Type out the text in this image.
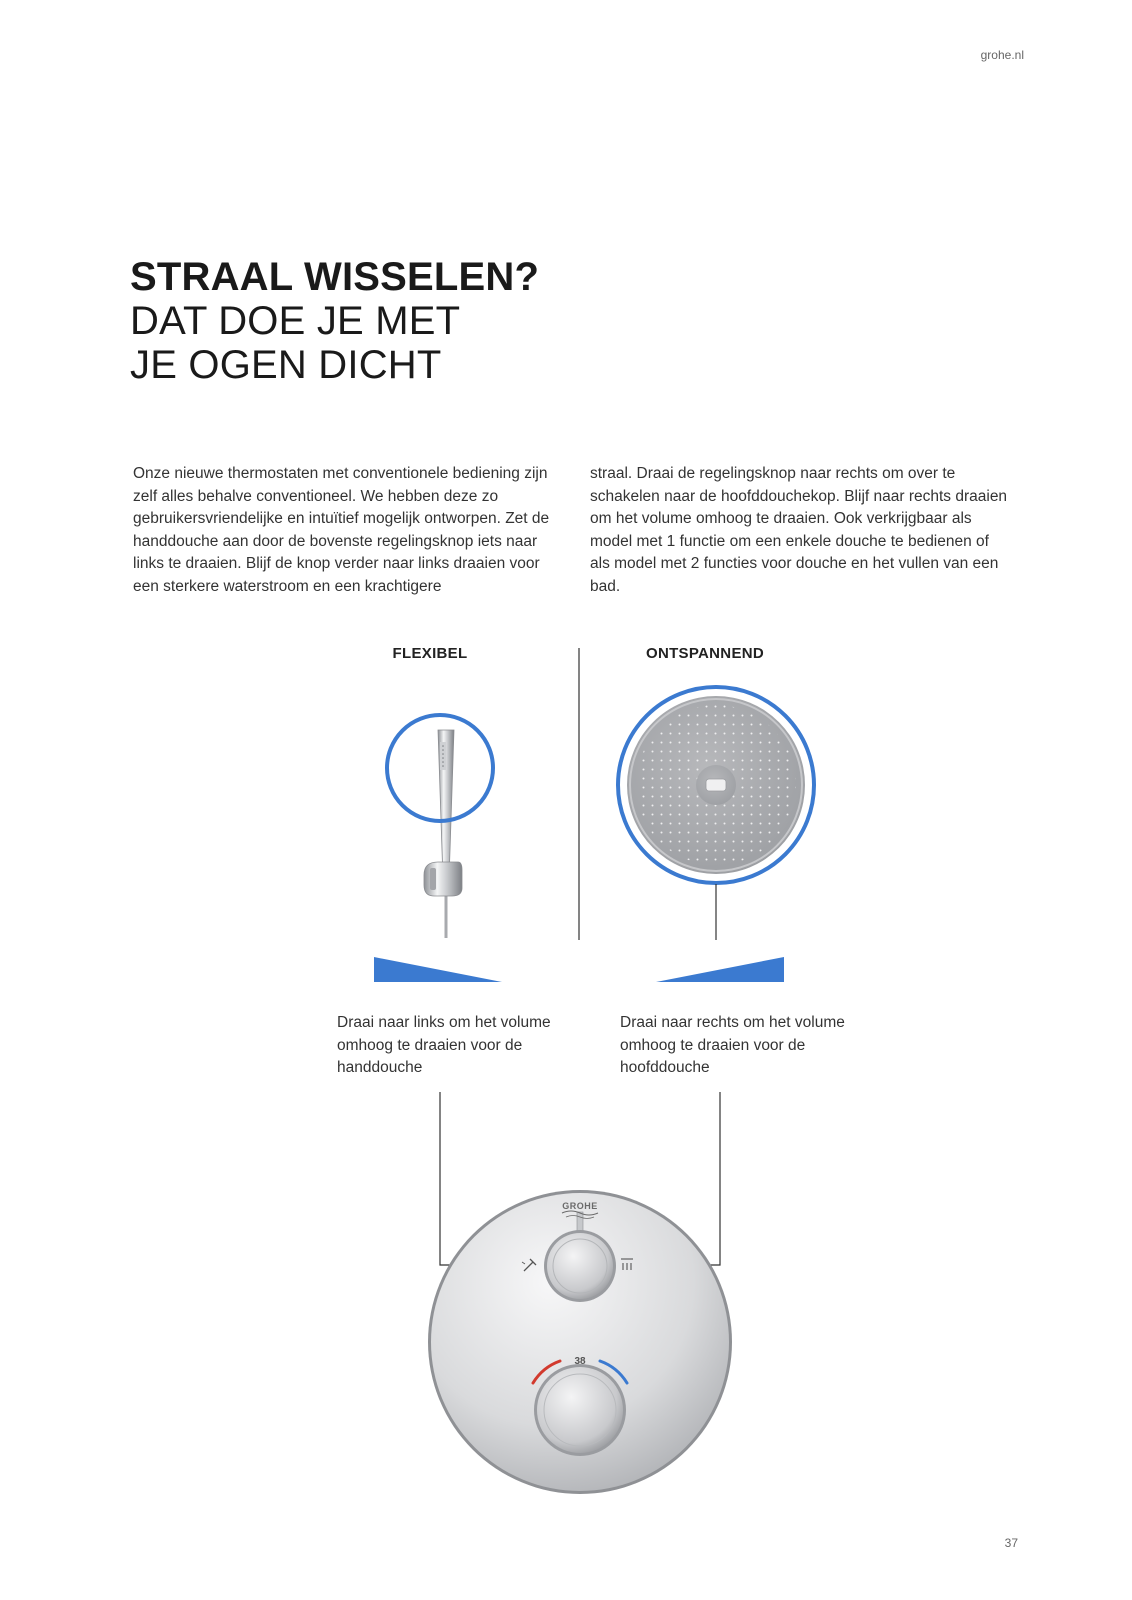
grohe.nl
STRAAL WISSELEN?
DAT DOE JE MET
JE OGEN DICHT

Onze nieuwe thermostaten met conventionele bediening zijn zelf alles behalve conventioneel. We hebben deze zo gebruikersvriendelijke en intuïtief mogelijk ontworpen. Zet de handdouche aan door de bovenste regelingsknop iets naar links te draaien. Blijf de knop verder naar links draaien voor een sterkere waterstroom en een krachtigere

straal. Draai de regelingsknop naar rechts om over te schakelen naar de hoofddouchekop. Blijf naar rechts draaien om het volume omhoog te draaien. Ook verkrijgbaar als model met 1 functie om een enkele douche te bedienen of als model met 2 functies voor douche en het vullen van een bad.

FLEXIBEL	ONTSPANNEND
GROHE
38

Draai naar links om het volume omhoog te draaien voor de handdouche

Draai naar rechts om het volume omhoog te draaien voor de hoofddouche

37
